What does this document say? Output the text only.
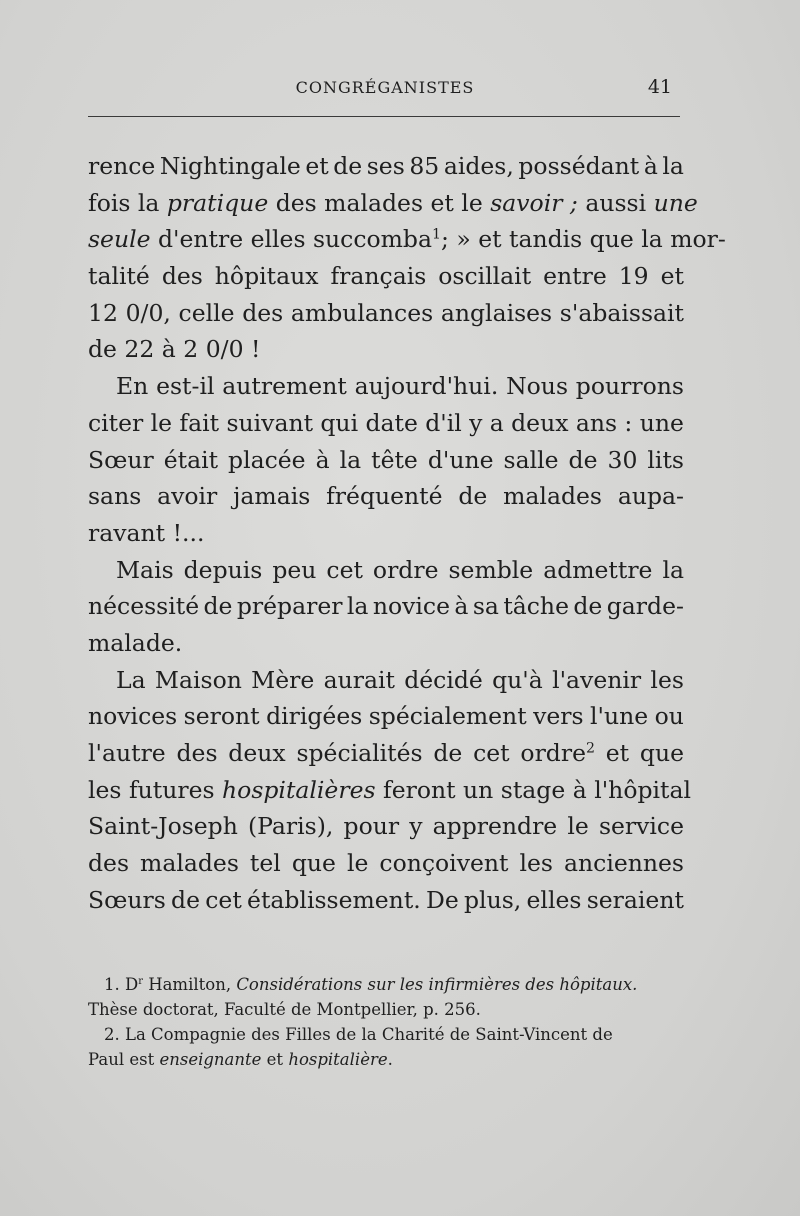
CONGRÉGANISTES	41
rence Nightingale et de ses 85 aides, possédant à la
fois la pratique des malades et le savoir ; aussi une
seule d'entre elles succomba$^1$; » et tandis que la mor-
talité des hôpitaux français oscillait entre 19 et
12 0/0, celle des ambulances anglaises s'abaissait
de 22 à 2 0/0 !
En est-il autrement aujourd'hui. Nous pourrons
citer le fait suivant qui date d'il y a deux ans : une
Sœur était placée à la tête d'une salle de 30 lits
sans avoir jamais fréquenté de malades aupa-
ravant !...
Mais depuis peu cet ordre semble admettre la
nécessité de préparer la novice à sa tâche de garde-
malade.
La Maison Mère aurait décidé qu'à l'avenir les
novices seront dirigées spécialement vers l'une ou
l'autre des deux spécialités de cet ordre$^2$ et que
les futures hospitalières feront un stage à l'hôpital
Saint-Joseph (Paris), pour y apprendre le service
des malades tel que le conçoivent les anciennes
Sœurs de cet établissement. De plus, elles seraient
1. $D^r$ Hamilton, Considérations sur les infirmières des hôpitaux.
Thèse doctorat, Faculté de Montpellier, p. 256.
2. La Compagnie des Filles de la Charité de Saint-Vincent de
Paul est enseignante et hospitalière.
